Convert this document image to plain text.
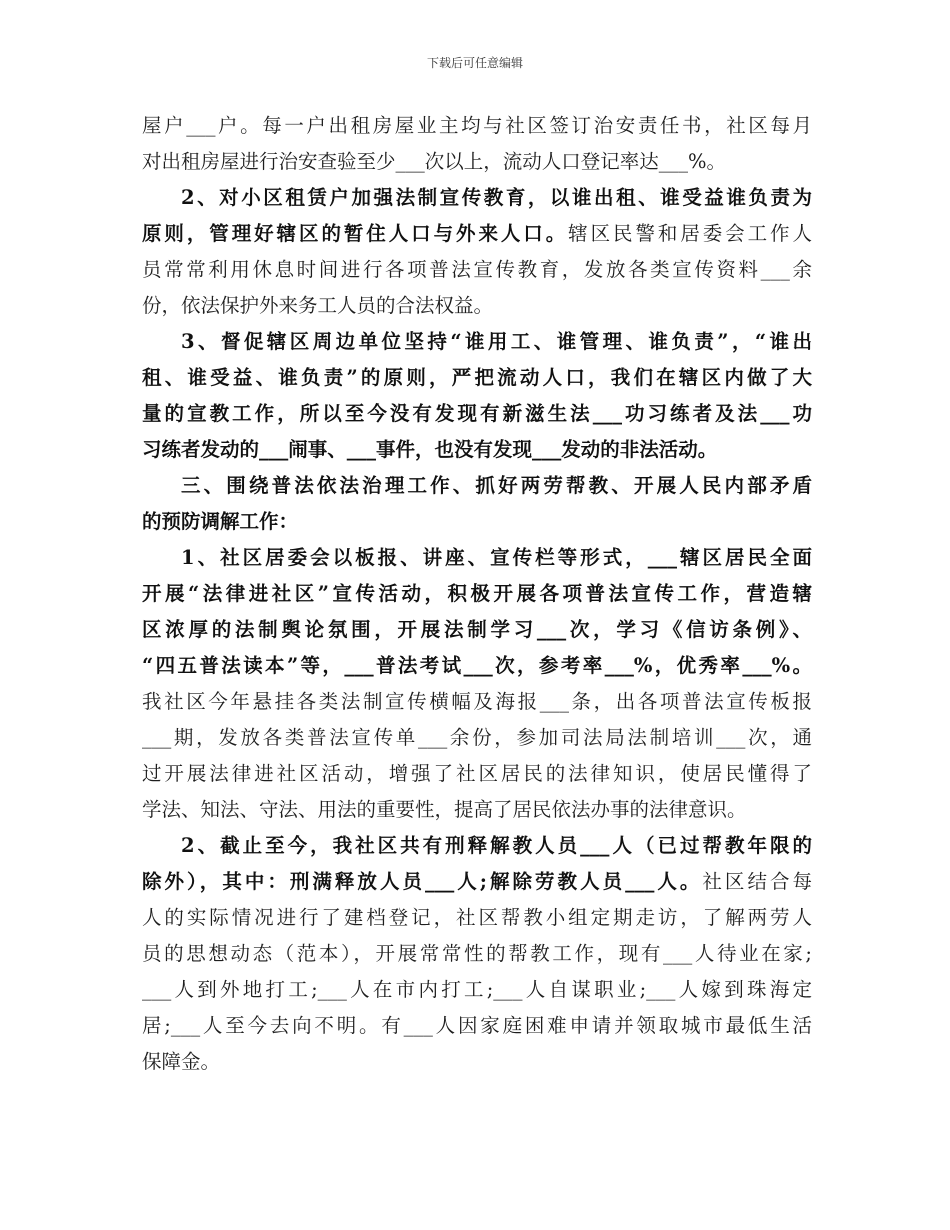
下载后可任意编辑
屋户___户。每一户出租房屋业主均与社区签订治安责任书，社区每月
对出租房屋进行治安查验至少___次以上，流动人口登记率达___%。
2、对小区租赁户加强法制宣传教育，以谁出租、谁受益谁负责为
原则，管理好辖区的暂住人口与外来人口。辖区民警和居委会工作人
员常常利用休息时间进行各项普法宣传教育，发放各类宣传资料___余
份，依法保护外来务工人员的合法权益。
3、督促辖区周边单位坚持“谁用工、谁管理、谁负责”，“谁出
租、谁受益、谁负责”的原则，严把流动人口，我们在辖区内做了大
量的宣教工作，所以至今没有发现有新滋生法___功习练者及法___功
习练者发动的___闹事、___事件，也没有发现___发动的非法活动。
三、围绕普法依法治理工作、抓好两劳帮教、开展人民内部矛盾
的预防调解工作：
1、社区居委会以板报、讲座、宣传栏等形式，___辖区居民全面
开展“法律进社区”宣传活动，积极开展各项普法宣传工作，营造辖
区浓厚的法制舆论氛围，开展法制学习___次，学习《信访条例》、
“四五普法读本”等，___普法考试___次，参考率___%，优秀率___%。
我社区今年悬挂各类法制宣传横幅及海报___条，出各项普法宣传板报
___期，发放各类普法宣传单___余份，参加司法局法制培训___次，通
过开展法律进社区活动，增强了社区居民的法律知识，使居民懂得了
学法、知法、守法、用法的重要性，提高了居民依法办事的法律意识。
2、截止至今，我社区共有刑释解教人员___人（已过帮教年限的
除外），其中：刑满释放人员___人;解除劳教人员___人。社区结合每
人的实际情况进行了建档登记，社区帮教小组定期走访，了解两劳人
员的思想动态（范本），开展常常性的帮教工作，现有___人待业在家;
___人到外地打工;___人在市内打工;___人自谋职业;___人嫁到珠海定
居;___人至今去向不明。有___人因家庭困难申请并领取城市最低生活
保障金。
